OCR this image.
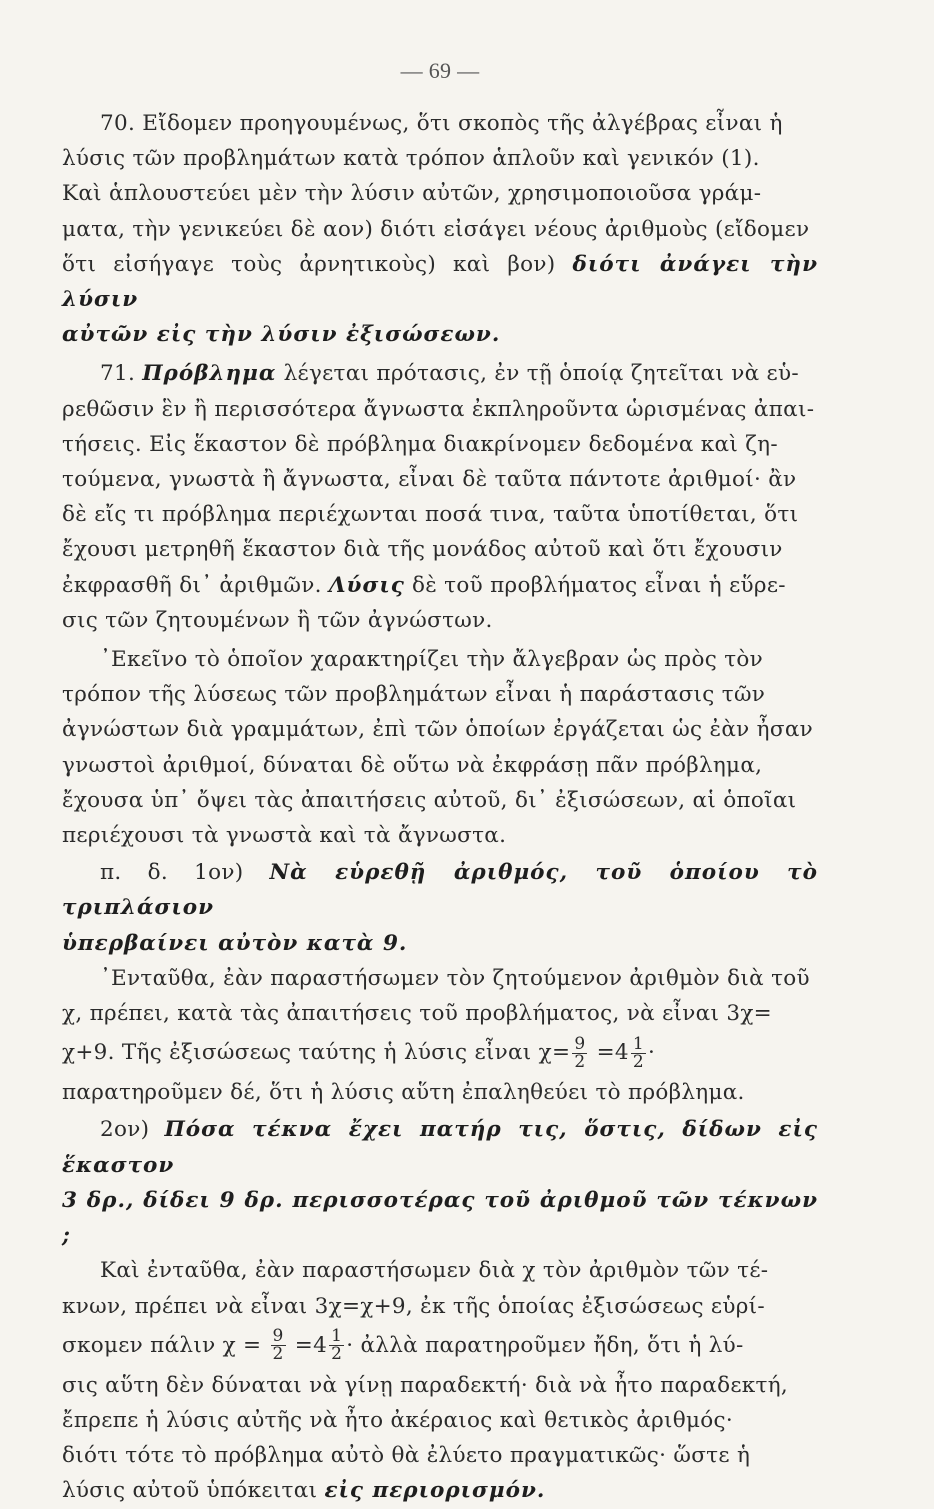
— 69 —

70. Εἴδομεν προηγουμένως, ὅτι σκοπὸς τῆς ἀλγέβρας εἶναι ἡ

λύσις τῶν προβλημάτων κατὰ τρόπον ἁπλοῦν καὶ γενικόν (1).

Καὶ ἁπλουστεύει μὲν τὴν λύσιν αὐτῶν, χρησιμοποιοῦσα γράμ-

ματα, τὴν γενικεύει δὲ αον) διότι εἰσάγει νέους ἀριθμοὺς (εἴδομεν

ὅτι εἰσήγαγε τοὺς ἀρνητικοὺς) καὶ βον) διότι ἀνάγει τὴν λύσιν

αὐτῶν εἰς τὴν λύσιν ἐξισώσεων.

71. Πρόβλημα λέγεται πρότασις, ἐν τῇ ὁποίᾳ ζητεῖται νὰ εὑ-

ρεθῶσιν ἓν ἢ περισσότερα ἄγνωστα ἐκπληροῦντα ὡρισμένας ἀπαι-

τήσεις. Εἰς ἕκαστον δὲ πρόβλημα διακρίνομεν δεδομένα καὶ ζη-

τούμενα, γνωστὰ ἢ ἄγνωστα, εἶναι δὲ ταῦτα πάντοτε ἀριθμοί· ἂν

δὲ εἴς τι πρόβλημα περιέχωνται ποσά τινα, ταῦτα ὑποτίθεται, ὅτι

ἔχουσι μετρηθῆ ἕκαστον διὰ τῆς μονάδος αὐτοῦ καὶ ὅτι ἔχουσιν

ἐκφρασθῆ δι᾽ ἀριθμῶν. Λύσις δὲ τοῦ προβλήματος εἶναι ἡ εὕρε-

σις τῶν ζητουμένων ἢ τῶν ἀγνώστων.

᾿Εκεῖνο τὸ ὁποῖον χαρακτηρίζει τὴν ἄλγεβραν ὡς πρὸς τὸν

τρόπον τῆς λύσεως τῶν προβλημάτων εἶναι ἡ παράστασις τῶν

ἀγνώστων διὰ γραμμάτων, ἐπὶ τῶν ὁποίων ἐργάζεται ὡς ἐὰν ἦσαν

γνωστοὶ ἀριθμοί, δύναται δὲ οὕτω νὰ ἐκφράσῃ πᾶν πρόβλημα,

ἔχουσα ὑπ᾽ ὄψει τὰς ἀπαιτήσεις αὐτοῦ, δι᾽ ἐξισώσεων, αἱ ὁποῖαι

περιέχουσι τὰ γνωστὰ καὶ τὰ ἄγνωστα.

π. δ. 1ον) Νὰ εὑρεθῇ ἀριθμός, τοῦ ὁποίου τὸ τριπλάσιον

ὑπερβαίνει αὐτὸν κατὰ 9.

᾿Ενταῦθα, ἐὰν παραστήσωμεν τὸν ζητούμενον ἀριθμὸν διὰ τοῦ

χ, πρέπει, κατὰ τὰς ἀπαιτήσεις τοῦ προβλήματος, νὰ εἶναι 3χ=

χ+9. Τῆς ἐξισώσεως ταύτης ἡ λύσις εἶναι $\chi= \frac{9}{2} =4 \frac{1}{2}$ ·

παρατηροῦμεν δέ, ὅτι ἡ λύσις αὕτη ἐπαληθεύει τὸ πρόβλημα.

2ον) Πόσα τέκνα ἔχει πατήρ τις, ὅστις, δίδων εἰς ἕκαστον

3 δρ., δίδει 9 δρ. περισσοτέρας τοῦ ἀριθμοῦ τῶν τέκνων ;

Καὶ ἐνταῦθα, ἐὰν παραστήσωμεν διὰ χ τὸν ἀριθμὸν τῶν τέ-

κνων, πρέπει νὰ εἶναι 3χ=χ+9, ἐκ τῆς ὁποίας ἐξισώσεως εὑρί-

σκομεν πάλιν $\chi = \frac{9}{2} =4 \frac{1}{2}$ · ἀλλὰ παρατηροῦμεν ἤδη, ὅτι ἡ λύ-

σις αὕτη δὲν δύναται νὰ γίνῃ παραδεκτή· διὰ νὰ ἦτο παραδεκτή,

ἔπρεπε ἡ λύσις αὐτῆς νὰ ἦτο ἀκέραιος καὶ θετικὸς ἀριθμός·

διότι τότε τὸ πρόβλημα αὐτὸ θὰ ἐλύετο πραγματικῶς· ὥστε ἡ

λύσις αὐτοῦ ὑπόκειται εἰς περιορισμόν.
